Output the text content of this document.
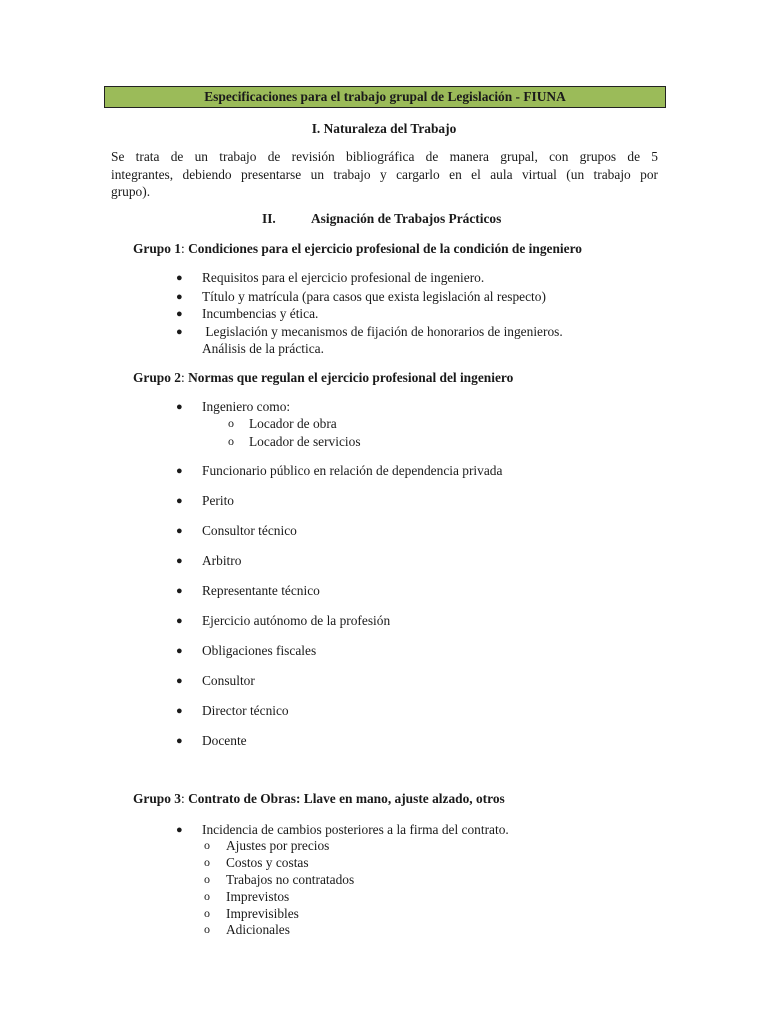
Especificaciones para el trabajo grupal de Legislación - FIUNA
I. Naturaleza del Trabajo
Se trata de un trabajo de revisión bibliográfica de manera grupal, con grupos de 5
integrantes, debiendo presentarse un trabajo y cargarlo en el aula virtual (un trabajo por
grupo).
II.	Asignación de Trabajos Prácticos
Grupo 1: Condiciones para el ejercicio profesional de la condición de ingeniero
● Requisitos para el ejercicio profesional de ingeniero.
● Título y matrícula (para casos que exista legislación al respecto)
● Incumbencias y ética.
● Legislación y mecanismos de fijación de honorarios de ingenieros.
Análisis de la práctica.
Grupo 2: Normas que regulan el ejercicio profesional del ingeniero
● Ingeniero como:
o Locador de obra
o Locador de servicios
● Funcionario público en relación de dependencia privada
● Perito
● Consultor técnico
● Arbitro
● Representante técnico
● Ejercicio autónomo de la profesión
● Obligaciones fiscales
● Consultor
● Director técnico
● Docente
Grupo 3: Contrato de Obras: Llave en mano, ajuste alzado, otros
● Incidencia de cambios posteriores a la firma del contrato.
o Ajustes por precios
o Costos y costas
o Trabajos no contratados
o Imprevistos
o Imprevisibles
o Adicionales
